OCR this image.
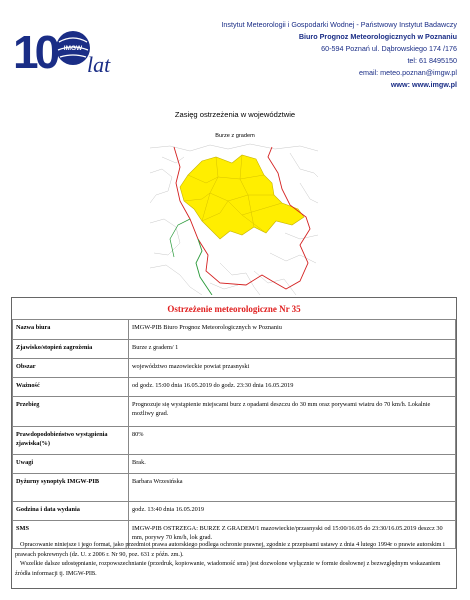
10	IMGW
lat
Instytut Meteorologii i Gospodarki Wodnej - Państwowy Instytut Badawczy
Biuro Prognoz Meteorologicznych w Poznaniu
60-594 Poznań ul. Dąbrowskiego 174 /176
tel: 61 8495150
email: meteo.poznan@imgw.pl
www: www.imgw.pl
Zasięg ostrzeżenia w województwie
Burze z gradem
Ostrzeżenie meteorologiczne Nr 35
Nazwa biura	IMGW-PIB Biuro Prognoz Meteorologicznych w Poznaniu
Zjawisko/stopień zagrożenia	Burze z gradem/ 1
Obszar	województwo mazowieckie powiat przasnyski
Ważność	od godz. 15:00 dnia 16.05.2019 do godz. 23:30 dnia 16.05.2019
Przebieg	Prognozuje się wystąpienie miejscami burz z opadami deszczu do 30 mm oraz porywami wiatru do 70 km/h. Lokalnie możliwy grad.
Prawdopodobieństwo wystąpienia zjawiska(%)	80%
Uwagi	Brak.
Dyżurny synoptyk IMGW-PIB	Barbara Wrzesińska
Godzina i data wydania	godz. 13:40 dnia 16.05.2019
SMS	IMGW-PIB OSTRZEGA: BURZE Z GRADEM/1 mazowieckie/przasnyski od 15:00/16.05 do 23:30/16.05.2019 deszcz 30 mm, porywy 70 km/h, lok grad.

Opracowanie niniejsze i jego format, jako przedmiot prawa autorskiego podlega ochronie prawnej, zgodnie z przepisami ustawy z dnia 4 lutego 1994r o prawie autorskim i prawach pokrewnych (dz. U. z 2006 r. Nr 90, poz. 631 z późn. zm.).

Wszelkie dalsze udostępnianie, rozpowszechnianie (przedruk, kopiowanie, wiadomość sms) jest dozwolone wyłącznie w formie dosłownej z bezwzględnym wskazaniem źródła informacji tj. IMGW-PIB.
